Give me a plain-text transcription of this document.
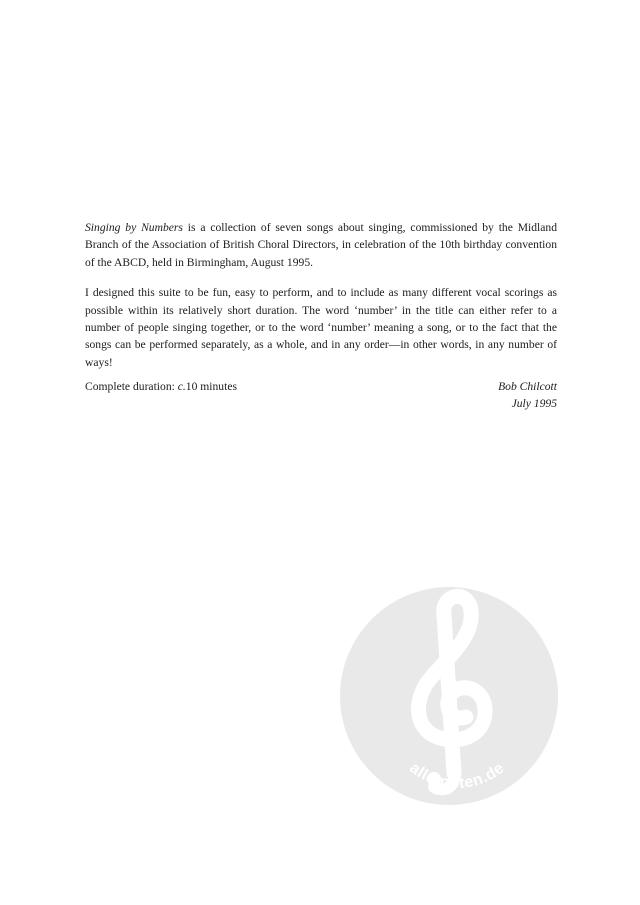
Singing by Numbers is a collection of seven songs about singing, commissioned by the Midland Branch of the Association of British Choral Directors, in celebration of the 10th birthday convention of the ABCD, held in Birmingham, August 1995.

I designed this suite to be fun, easy to perform, and to include as many different vocal scorings as possible within its relatively short duration. The word ‘number’ in the title can either refer to a number of people singing together, or to the word ‘number’ meaning a song, or to the fact that the songs can be performed separately, as a whole, and in any order—in other words, in any number of ways!

Complete duration: c.10 minutes	Bob Chilcott
July 1995
alle-noten.de
